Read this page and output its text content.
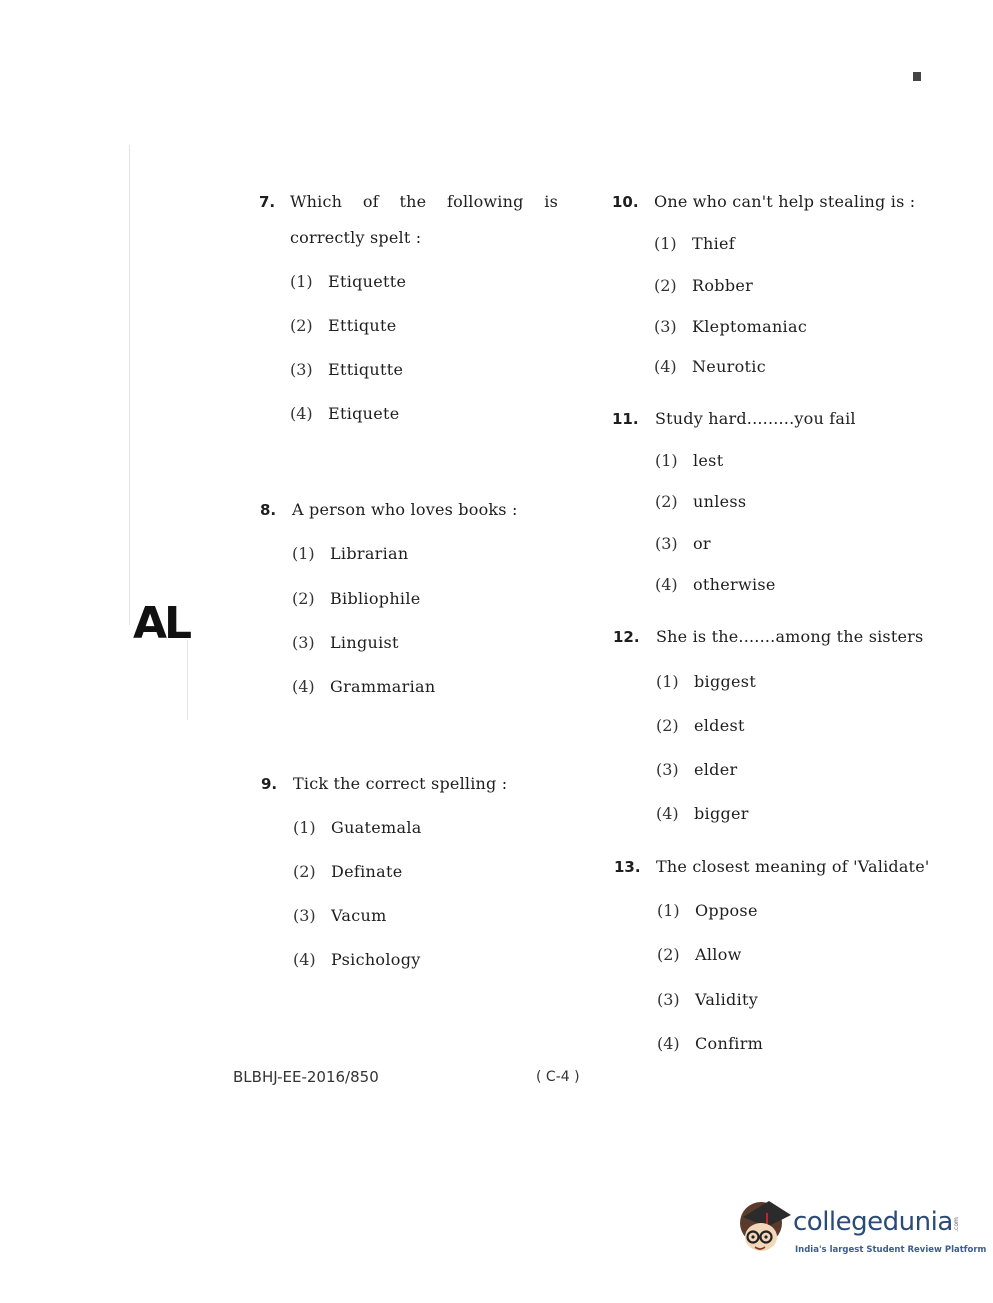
AL
7. Which of the following is
correctly spelt :
(1) Etiquette
(2) Ettiqute
(3) Ettiqutte
(4) Etiquete
8. A person who loves books :
(1) Librarian
(2) Bibliophile
(3) Linguist
(4) Grammarian
9. Tick the correct spelling :
(1) Guatemala
(2) Definate
(3) Vacum
(4) Psichology
10. One who can't help stealing is :
(1) Thief
(2) Robber
(3) Kleptomaniac
(4) Neurotic
11. Study hard.........you fail
(1) lest
(2) unless
(3) or
(4) otherwise
12. She is the.......among the sisters
(1) biggest
(2) eldest
(3) elder
(4) bigger
13. The closest meaning of 'Validate'
(1) Oppose
(2) Allow
(3) Validity
(4) Confirm
BLBHJ-EE-2016/850	( C-4 )
collegedunia .com
India's largest Student Review Platform
